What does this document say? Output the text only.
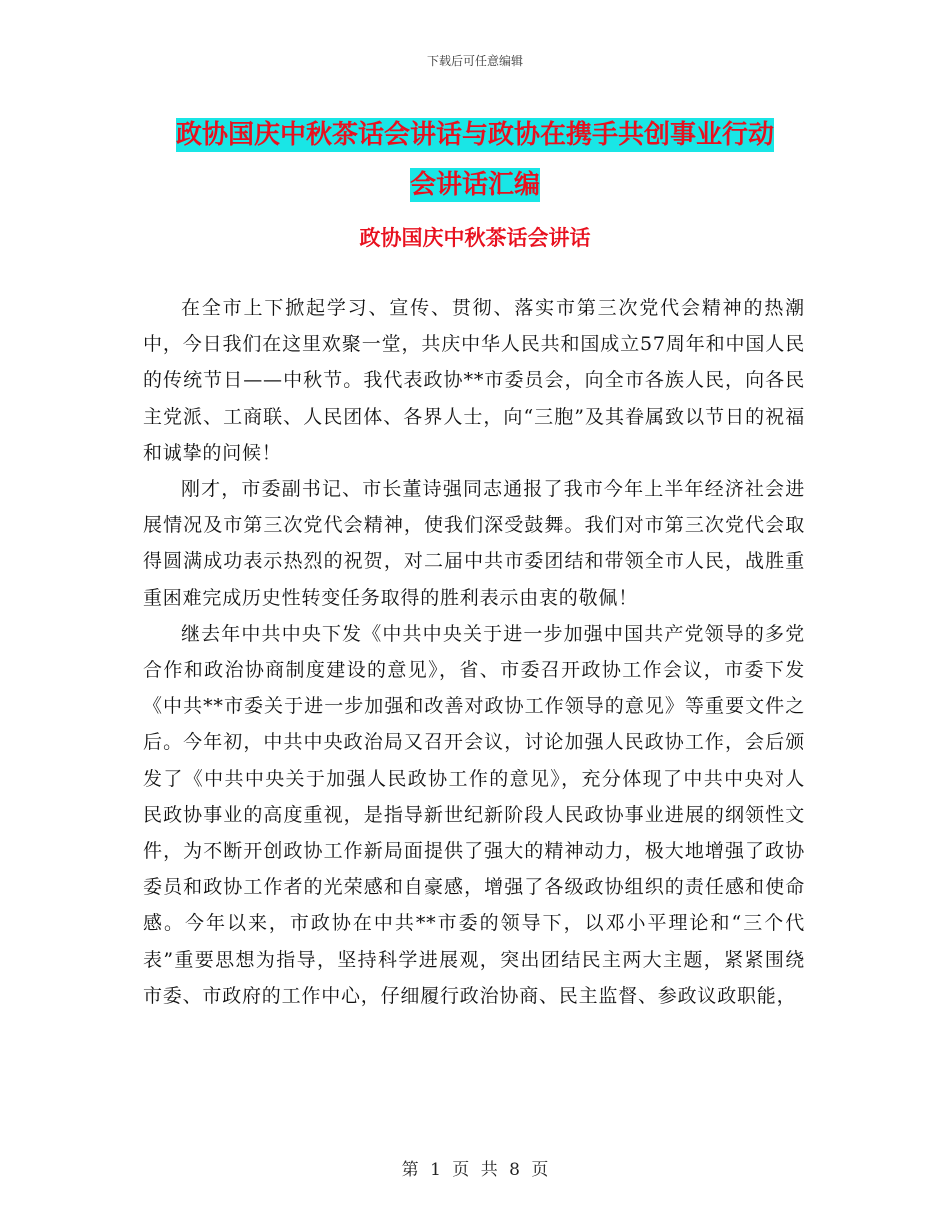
下载后可任意编辑
政协国庆中秋茶话会讲话与政协在携手共创事业行动
会讲话汇编
政协国庆中秋茶话会讲话

在全市上下掀起学习、宣传、贯彻、落实市第三次党代会精神的热潮中，今日我们在这里欢聚一堂，共庆中华人民共和国成立57周年和中国人民的传统节日——中秋节。我代表政协**市委员会，向全市各族人民，向各民主党派、工商联、人民团体、各界人士，向“三胞”及其眷属致以节日的祝福和诚挚的问候！

刚才，市委副书记、市长董诗强同志通报了我市今年上半年经济社会进展情况及市第三次党代会精神，使我们深受鼓舞。我们对市第三次党代会取得圆满成功表示热烈的祝贺，对二届中共市委团结和带领全市人民，战胜重重困难完成历史性转变任务取得的胜利表示由衷的敬佩！

继去年中共中央下发《中共中央关于进一步加强中国共产党领导的多党合作和政治协商制度建设的意见》，省、市委召开政协工作会议，市委下发《中共**市委关于进一步加强和改善对政协工作领导的意见》等重要文件之后。今年初，中共中央政治局又召开会议，讨论加强人民政协工作，会后颁发了《中共中央关于加强人民政协工作的意见》，充分体现了中共中央对人民政协事业的高度重视，是指导新世纪新阶段人民政协事业进展的纲领性文件，为不断开创政协工作新局面提供了强大的精神动力，极大地增强了政协委员和政协工作者的光荣感和自豪感，增强了各级政协组织的责任感和使命感。今年以来，市政协在中共**市委的领导下，以邓小平理论和“三个代表”重要思想为指导，坚持科学进展观，突出团结民主两大主题，紧紧围绕市委、市政府的工作中心，仔细履行政治协商、民主监督、参政议政职能，

第 1 页 共 8 页
